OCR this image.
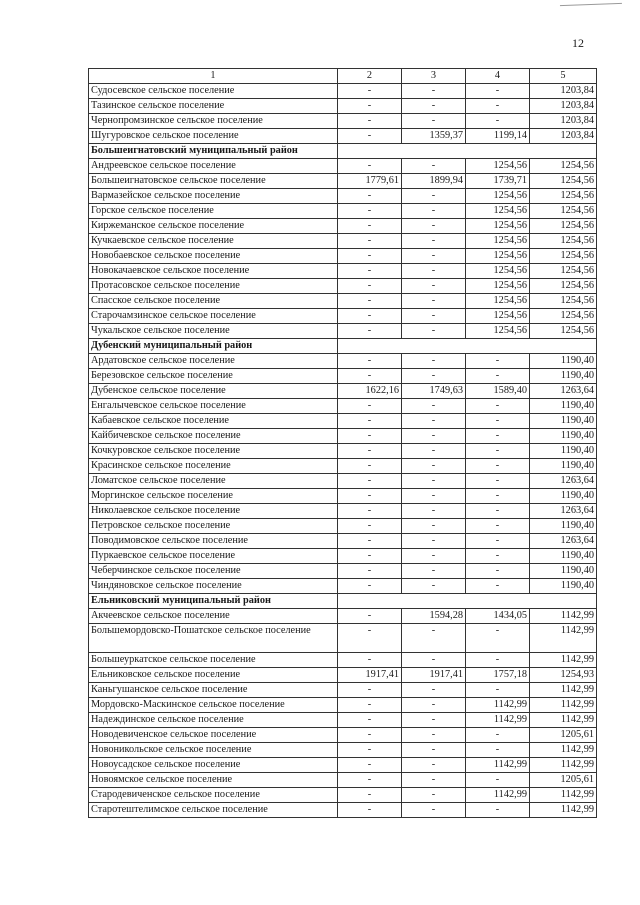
12
1	2	3	4	5
Судосевское сельское поселение	-	-	-	1203,84
Тазинское сельское поселение	-	-	-	1203,84
Чернопромзинское сельское поселение	-	-	-	1203,84
Шугуровское сельское поселение	-	1359,37	1199,14	1203,84
Большеигнатовский муниципальный район				
Андреевское сельское поселение	-	-	1254,56	1254,56
Большеигнатовское сельское поселение	1779,61	1899,94	1739,71	1254,56
Вармазейское сельское поселение	-	-	1254,56	1254,56
Горское сельское поселение	-	-	1254,56	1254,56
Киржеманское сельское поселение	-	-	1254,56	1254,56
Кучкаевское сельское поселение	-	-	1254,56	1254,56
Новобаевское сельское поселение	-	-	1254,56	1254,56
Новокачаевское сельское поселение	-	-	1254,56	1254,56
Протасовское сельское поселение	-	-	1254,56	1254,56
Спасское сельское поселение	-	-	1254,56	1254,56
Старочамзинское сельское поселение	-	-	1254,56	1254,56
Чукальское сельское поселение	-	-	1254,56	1254,56
Дубенский муниципальный район				
Ардатовское сельское поселение	-	-	-	1190,40
Березовское сельское поселение	-	-	-	1190,40
Дубенское сельское поселение	1622,16	1749,63	1589,40	1263,64
Енгалычевское сельское поселение	-	-	-	1190,40
Кабаевское сельское поселение	-	-	-	1190,40
Кайбичевское сельское поселение	-	-	-	1190,40
Кочкуровское сельское поселение	-	-	-	1190,40
Красинское сельское поселение	-	-	-	1190,40
Ломатское сельское поселение	-	-	-	1263,64
Моргинское сельское поселение	-	-	-	1190,40
Николаевское сельское поселение	-	-	-	1263,64
Петровское сельское поселение	-	-	-	1190,40
Поводимовское сельское поселение	-	-	-	1263,64
Пуркаевское сельское поселение	-	-	-	1190,40
Чеберчинское сельское поселение	-	-	-	1190,40
Чиндяновское сельское поселение	-	-	-	1190,40
Ельниковский муниципальный район				
Акчеевское сельское поселение	-	1594,28	1434,05	1142,99
Большемордовско-Пошатское сельское поселение	-	-	-	1142,99
Большеуркатское сельское поселение	-	-	-	1142,99
Ельниковское сельское поселение	1917,41	1917,41	1757,18	1254,93
Каньгушанское сельское поселение	-	-	-	1142,99
Мордовско-Маскинское сельское поселение	-	-	1142,99	1142,99
Надеждинское сельское поселение	-	-	1142,99	1142,99
Новодевиченское сельское поселение	-	-	-	1205,61
Новоникольское сельское поселение	-	-	-	1142,99
Новоусадское сельское поселение	-	-	1142,99	1142,99
Новоямское сельское поселение	-	-	-	1205,61
Стародевиченское сельское поселение	-	-	1142,99	1142,99
Старотештелимское сельское поселение	-	-	-	1142,99
